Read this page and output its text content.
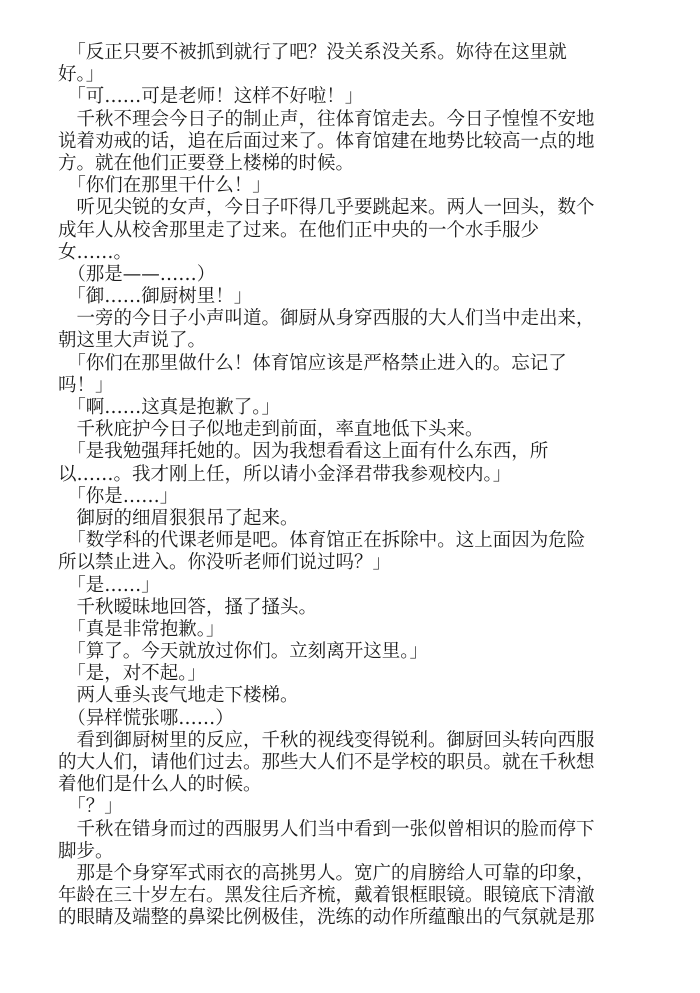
　「反正只要不被抓到就行了吧？没关系没关系。妳待在这里就
好。」
　「可……可是老师！这样不好啦！」
　千秋不理会今日子的制止声，往体育馆走去。今日子惶惶不安地
说着劝戒的话，追在后面过来了。体育馆建在地势比较高一点的地
方。就在他们正要登上楼梯的时候。
　「你们在那里干什么！」
　听见尖锐的女声，今日子吓得几乎要跳起来。两人一回头，数个
成年人从校舍那里走了过来。在他们正中央的一个水手服少
女……。
　（那是——……）
　「御……御厨树里！」
　一旁的今日子小声叫道。御厨从身穿西服的大人们当中走出来，
朝这里大声说了。
　「你们在那里做什么！体育馆应该是严格禁止进入的。忘记了
吗！」
　「啊……这真是抱歉了。」
　千秋庇护今日子似地走到前面，率直地低下头来。
　「是我勉强拜托她的。因为我想看看这上面有什么东西，所
以……。我才刚上任，所以请小金泽君带我参观校内。」
　「你是……」
　御厨的细眉狠狠吊了起来。
　「数学科的代课老师是吧。体育馆正在拆除中。这上面因为危险
所以禁止进入。你没听老师们说过吗？」
　「是……」
　千秋暧昧地回答，搔了搔头。
　「真是非常抱歉。」
　「算了。今天就放过你们。立刻离开这里。」
　「是，对不起。」
　两人垂头丧气地走下楼梯。
　（异样慌张哪……）
　看到御厨树里的反应，千秋的视线变得锐利。御厨回头转向西服
的大人们，请他们过去。那些大人们不是学校的职员。就在千秋想
着他们是什么人的时候。
　「？」
　千秋在错身而过的西服男人们当中看到一张似曾相识的脸而停下
脚步。
　那是个身穿军式雨衣的高挑男人。宽广的肩膀给人可靠的印象，
年龄在三十岁左右。黑发往后齐梳，戴着银框眼镜。眼镜底下清澈
的眼睛及端整的鼻梁比例极佳，洗练的动作所蕴酿出的气氛就是那
